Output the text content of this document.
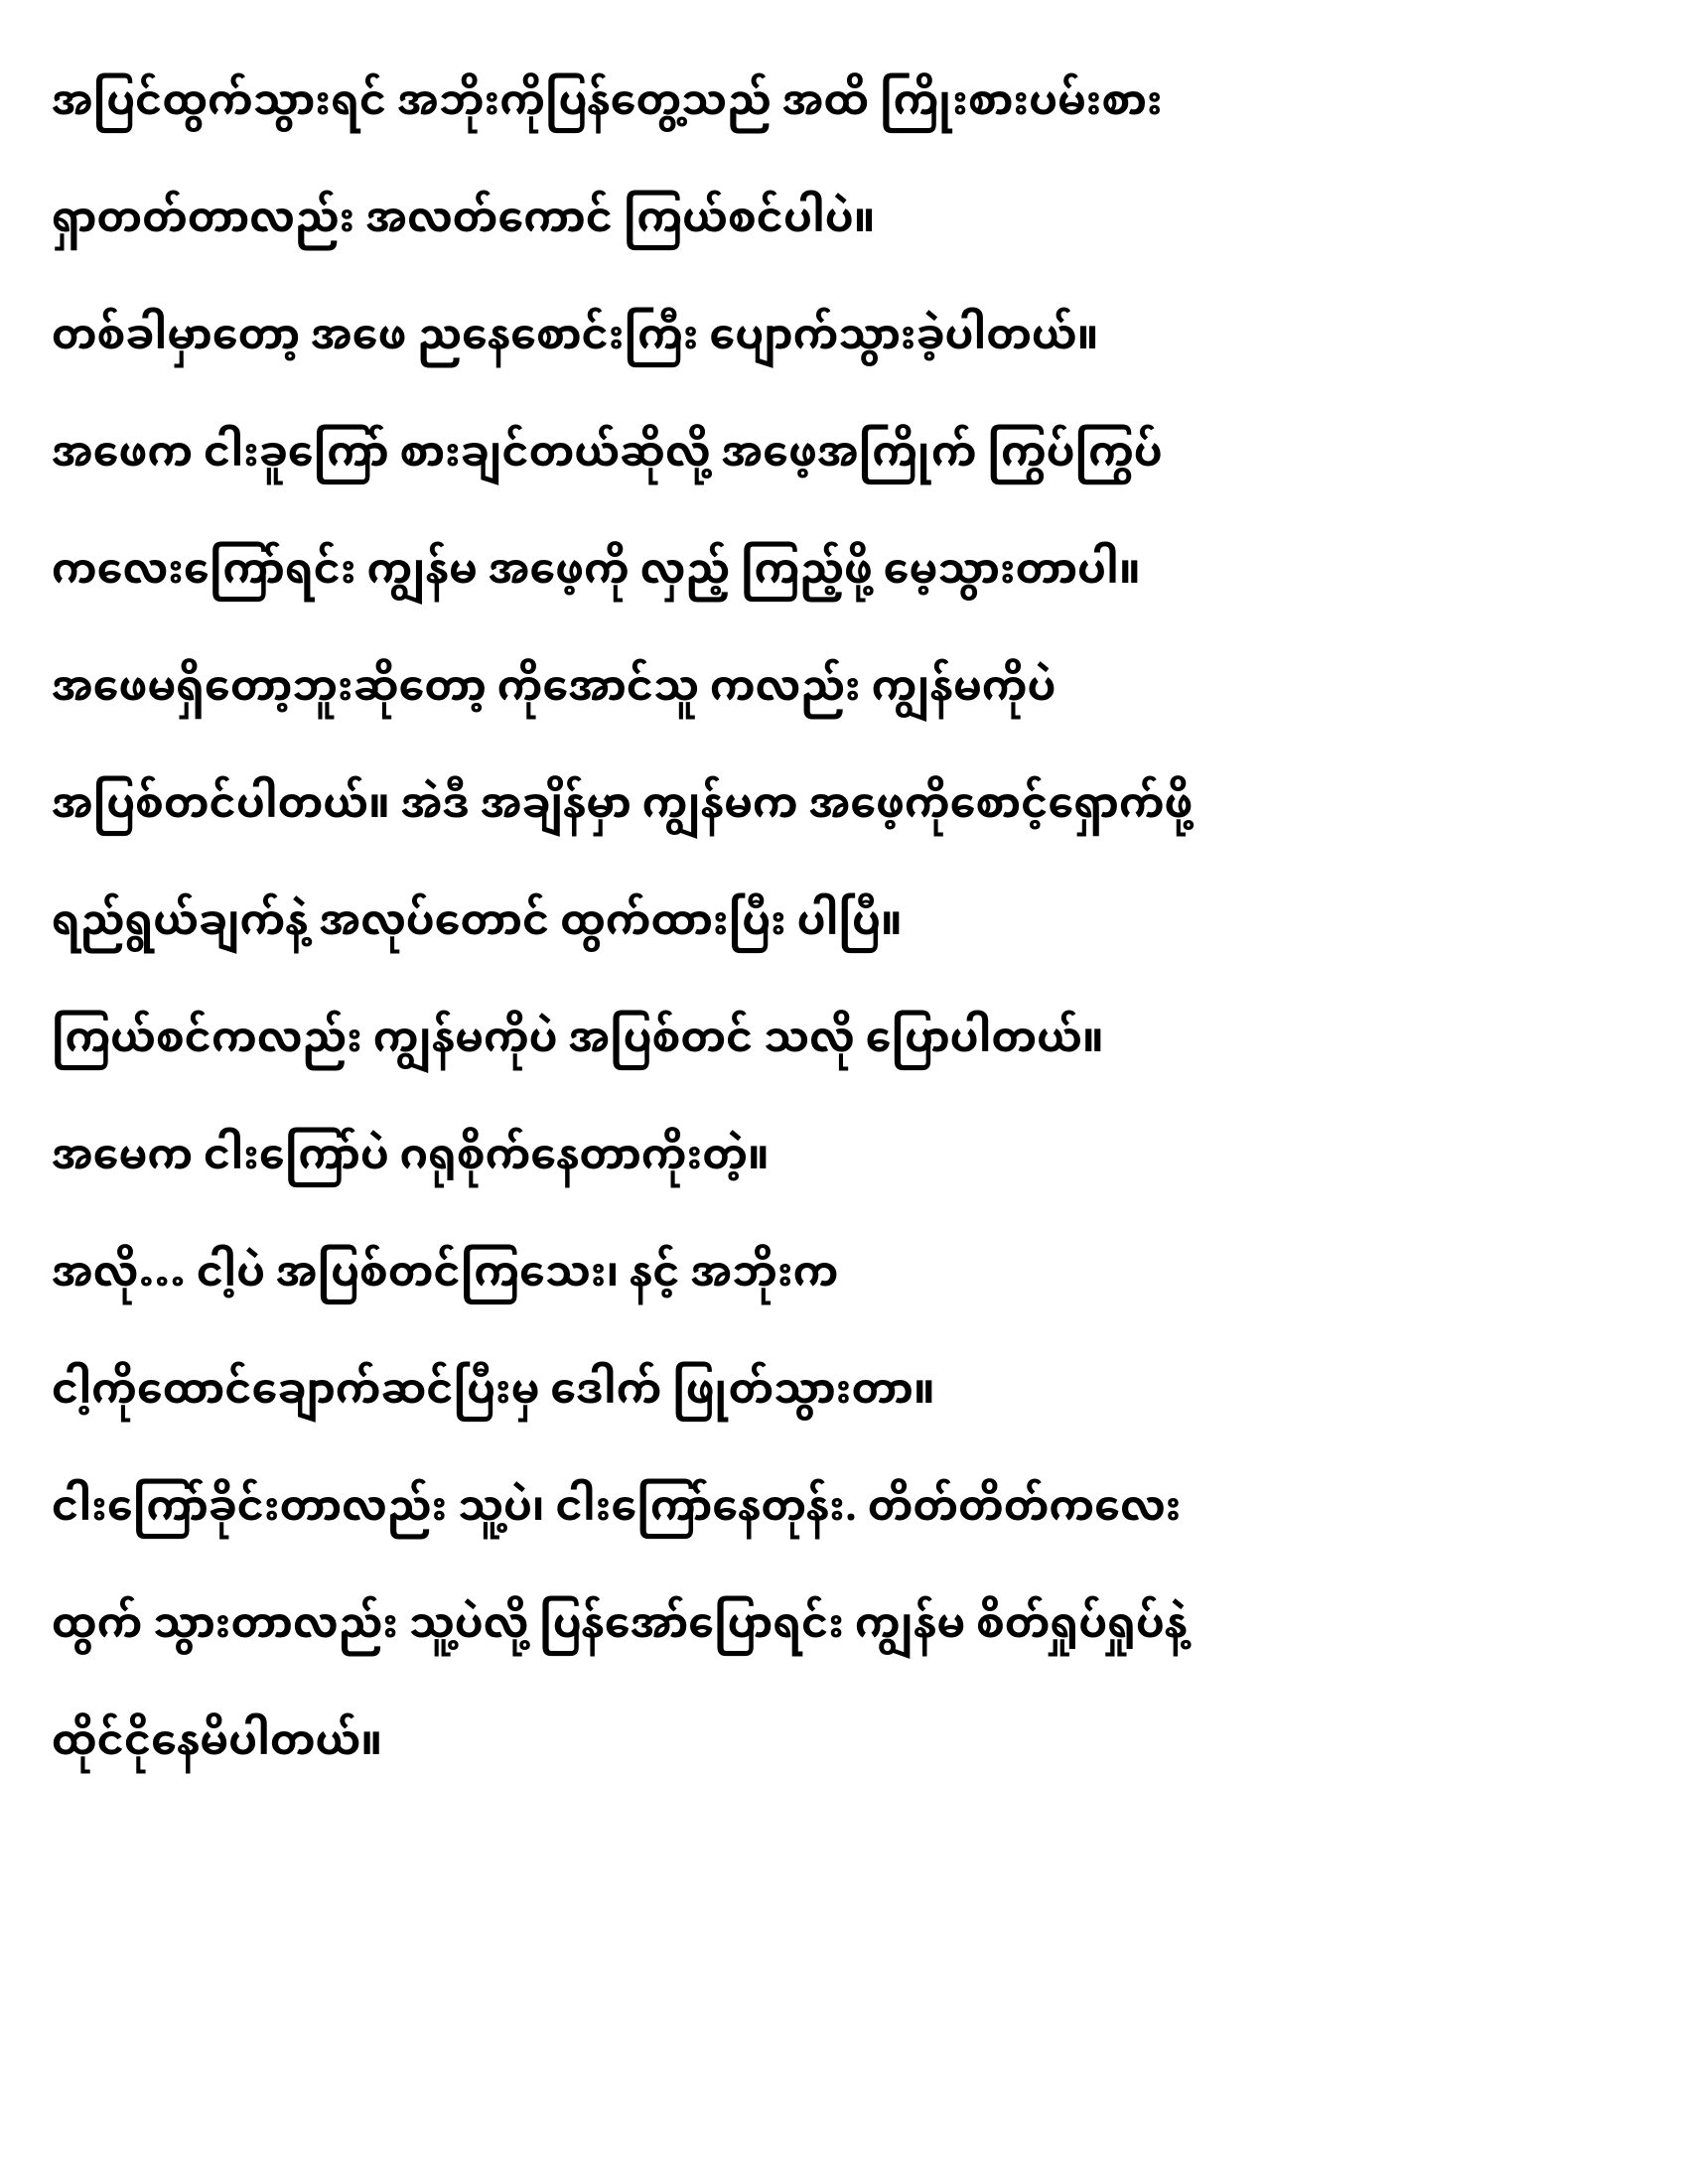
အပြင်ထွက်သွားရင် အဘိုးကိုပြန်တွေ့သည် အထိ ကြိုးစားပမ်းစား
ရှာတတ်တာလည်း အလတ်ကောင် ကြယ်စင်ပါပဲ။
တစ်ခါမှာတော့ အဖေ ညနေစောင်းကြီး ပျောက်သွားခဲ့ပါတယ်။
အဖေက ငါးခူကြော် စားချင်တယ်ဆိုလို့ အဖေ့အကြိုက် ကြွပ်ကြွပ်
ကလေးကြော်ရင်း ကျွန်မ အဖေ့ကို လှည့် ကြည့်ဖို့ မေ့သွားတာပါ။
အဖေမရှိတော့ဘူးဆိုတော့ ကိုအောင်သူ ကလည်း ကျွန်မကိုပဲ
အပြစ်တင်ပါတယ်။ အဲဒီ အချိန်မှာ ကျွန်မက အဖေ့ကိုစောင့်ရှောက်ဖို့
ရည်ရွယ်ချက်နဲ့ အလုပ်တောင် ထွက်ထားပြီး ပါပြီ။
ကြယ်စင်ကလည်း ကျွန်မကိုပဲ အပြစ်တင် သလို ပြောပါတယ်။
အမေက ငါးကြော်ပဲ ဂရုစိုက်နေတာကိုးတဲ့။
အလို… ငါ့ပဲ အပြစ်တင်ကြသေး၊ နင့် အဘိုးက
ငါ့ကိုထောင်ချောက်ဆင်ပြီးမှ ဒေါက် ဖြုတ်သွားတာ။
ငါးကြော်ခိုင်းတာလည်း သူ့ပဲ၊ ငါးကြော်နေတုန်း. တိတ်တိတ်ကလေး
ထွက် သွားတာလည်း သူ့ပဲလို့ ပြန်အော်ပြောရင်း ကျွန်မ စိတ်ရှုပ်ရှုပ်နဲ့
ထိုင်ငိုနေမိပါတယ်။
